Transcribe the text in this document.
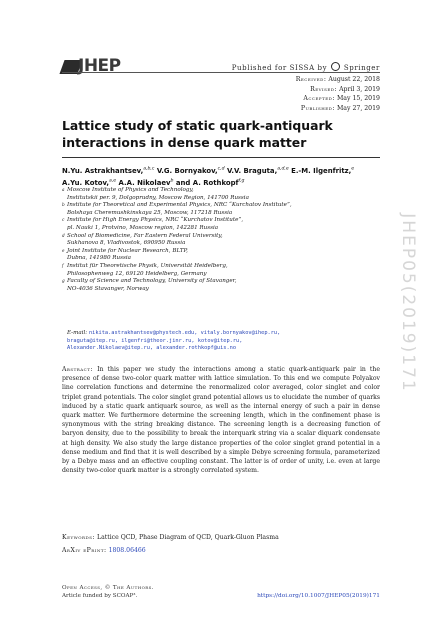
JHEP	Published for SISSA by Springer
Received: August 22, 2018
Revised: April 3, 2019
Accepted: May 15, 2019
Published: May 27, 2019
Lattice study of static quark-antiquark interactions in dense quark matter
N.Yu. Astrakhantsev,$^{a,b,c}$ V.G. Bornyakov,$^{c,d}$ V.V. Braguta,$^{a,d,e}$ E.-M. Ilgenfritz,$^e$
A.Yu. Kotov,$^{a,e}$ A.A. Nikolaev$^b$ and A. Rothkopf$^{f,g}$
a Moscow Institute of Physics and Technology,
Institutskii per. 9, Dolgoprudny, Moscow Region, 141700 Russia
b Institute for Theoretical and Experimental Physics, NRC “Kurchatov Institute”,
Bolshaya Cheremushkinskaya 25, Moscow, 117218 Russia
c Institute for High Energy Physics, NRC “Kurchatov Institute”,
pl. Nauki 1, Protvino, Moscow region, 142281 Russia
d School of Biomedicine, Far Eastern Federal University,
Sukhanova 8, Vladivostok, 690950 Russia
e Joint Institute for Nuclear Research, BLTP,
Dubna, 141980 Russia
f Institut für Theoretische Physik, Universität Heidelberg,
Philosophenweg 12, 69120 Heidelberg, Germany
g Faculty of Science and Technology, University of Stavanger,
NO-4036 Stavanger, Norway
E-mail: nikita.astrakhantsev@phystech.edu, vitaly.bornyakov@ihep.ru,
braguta@itep.ru, ilgenfri@theor.jinr.ru, kotov@itep.ru,
Alexander.Nikolaev@itep.ru, alexander.rothkopf@uis.no
Abstract: In this paper we study the interactions among a static quark-antiquark pair in the presence of dense two-color quark matter with lattice simulation. To this end we compute Polyakov line correlation functions and determine the renormalized color averaged, color singlet and color triplet grand potentials. The color singlet grand potential allows us to elucidate the number of quarks induced by a static quark antiquark source, as well as the internal energy of such a pair in dense quark matter. We furthermore determine the screening length, which in the confinement phase is synonymous with the string breaking distance. The screening length is a decreasing function of baryon density, due to the possibility to break the interquark string via a scalar diquark condensate at high density. We also study the large distance properties of the color singlet grand potential in a dense medium and find that it is well described by a simple Debye screening formula, parameterized by a Debye mass and an effective coupling constant. The latter is of order of unity, i.e. even at large density two-color quark matter is a strongly correlated system.
Keywords: Lattice QCD, Phase Diagram of QCD, Quark-Gluon Plasma
ArXiv ePrint: 1808.06466
Open Access, © The Authors.
Article funded by SCOAP³.	https://doi.org/10.1007/JHEP05(2019)171
JHEP05(2019)171
